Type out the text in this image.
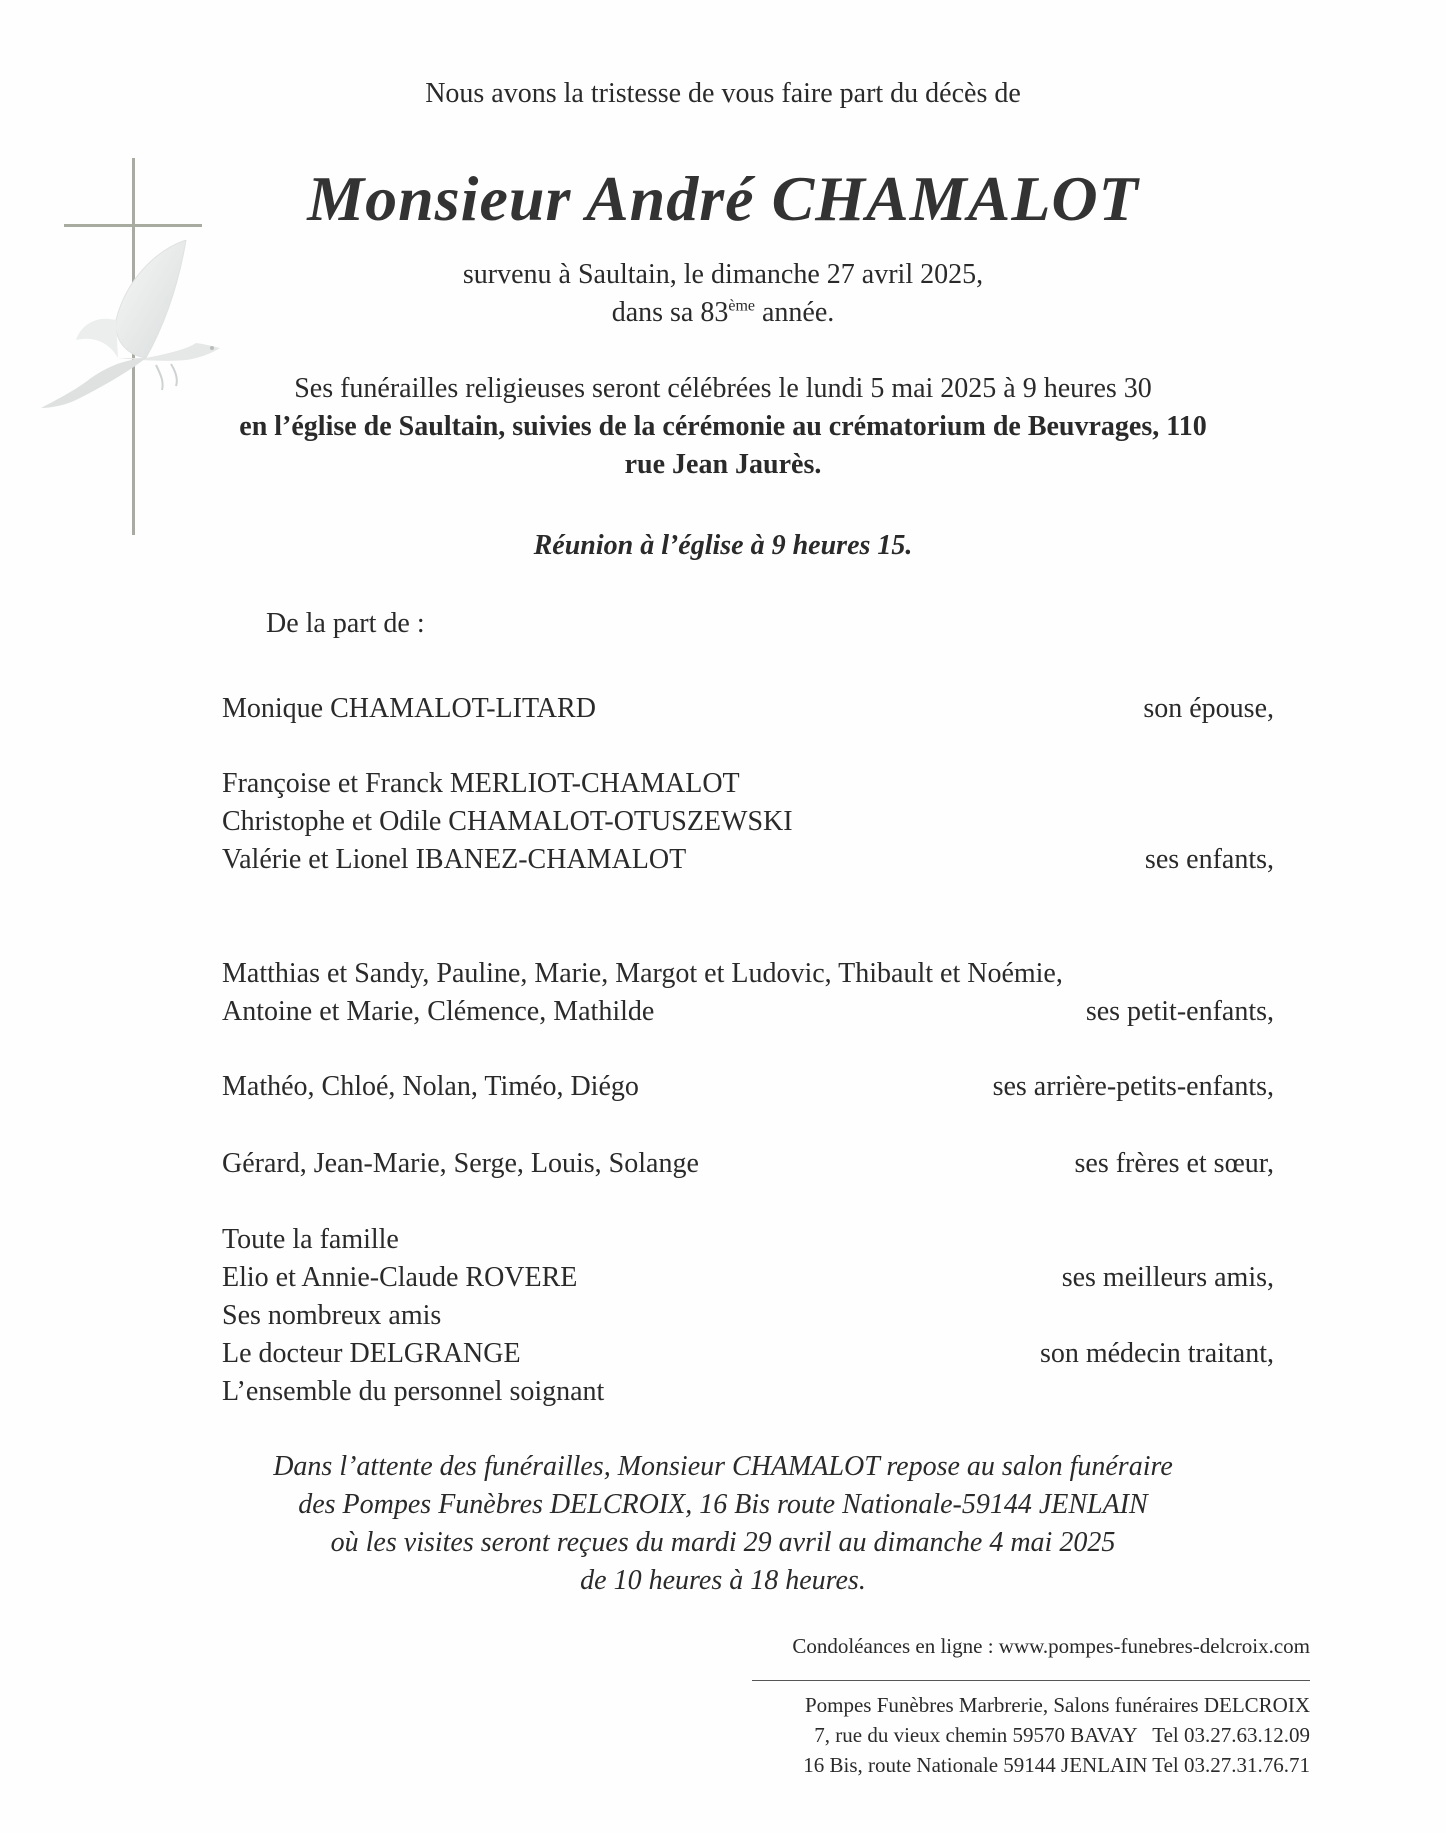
Nous avons la tristesse de vous faire part du décès de
Monsieur André CHAMALOT
survenu à Saultain, le dimanche 27 avril 2025,
dans sa 83ème année.
Ses funérailles religieuses seront célébrées le lundi 5 mai 2025 à 9 heures 30
en l’église de Saultain, suivies de la cérémonie au crématorium de Beuvrages, 110
rue Jean Jaurès.
Réunion à l’église à 9 heures 15.
De la part de :
Monique CHAMALOT-LITARD	son épouse,
Françoise et Franck MERLIOT-CHAMALOT
Christophe et Odile CHAMALOT-OTUSZEWSKI
Valérie et Lionel IBANEZ-CHAMALOT	ses enfants,
Matthias et Sandy, Pauline, Marie, Margot et Ludovic, Thibault et Noémie,
Antoine et Marie, Clémence, Mathilde	ses petit-enfants,
Mathéo, Chloé, Nolan, Timéo, Diégo	ses arrière-petits-enfants,
Gérard, Jean-Marie, Serge, Louis, Solange	ses frères et sœur,
Toute la famille
Elio et Annie-Claude ROVERE	ses meilleurs amis,
Ses nombreux amis
Le docteur DELGRANGE	son médecin traitant,
L’ensemble du personnel soignant
Dans l’attente des funérailles, Monsieur CHAMALOT repose au salon funéraire
des Pompes Funèbres DELCROIX, 16 Bis route Nationale-59144 JENLAIN
où les visites seront reçues du mardi 29 avril au dimanche 4 mai 2025
de 10 heures à 18 heures.
Condoléances en ligne : www.pompes-funebres-delcroix.com
Pompes Funèbres Marbrerie, Salons funéraires DELCROIX
7, rue du vieux chemin 59570 BAVAY   Tel 03.27.63.12.09
16 Bis, route Nationale 59144 JENLAIN Tel 03.27.31.76.71
